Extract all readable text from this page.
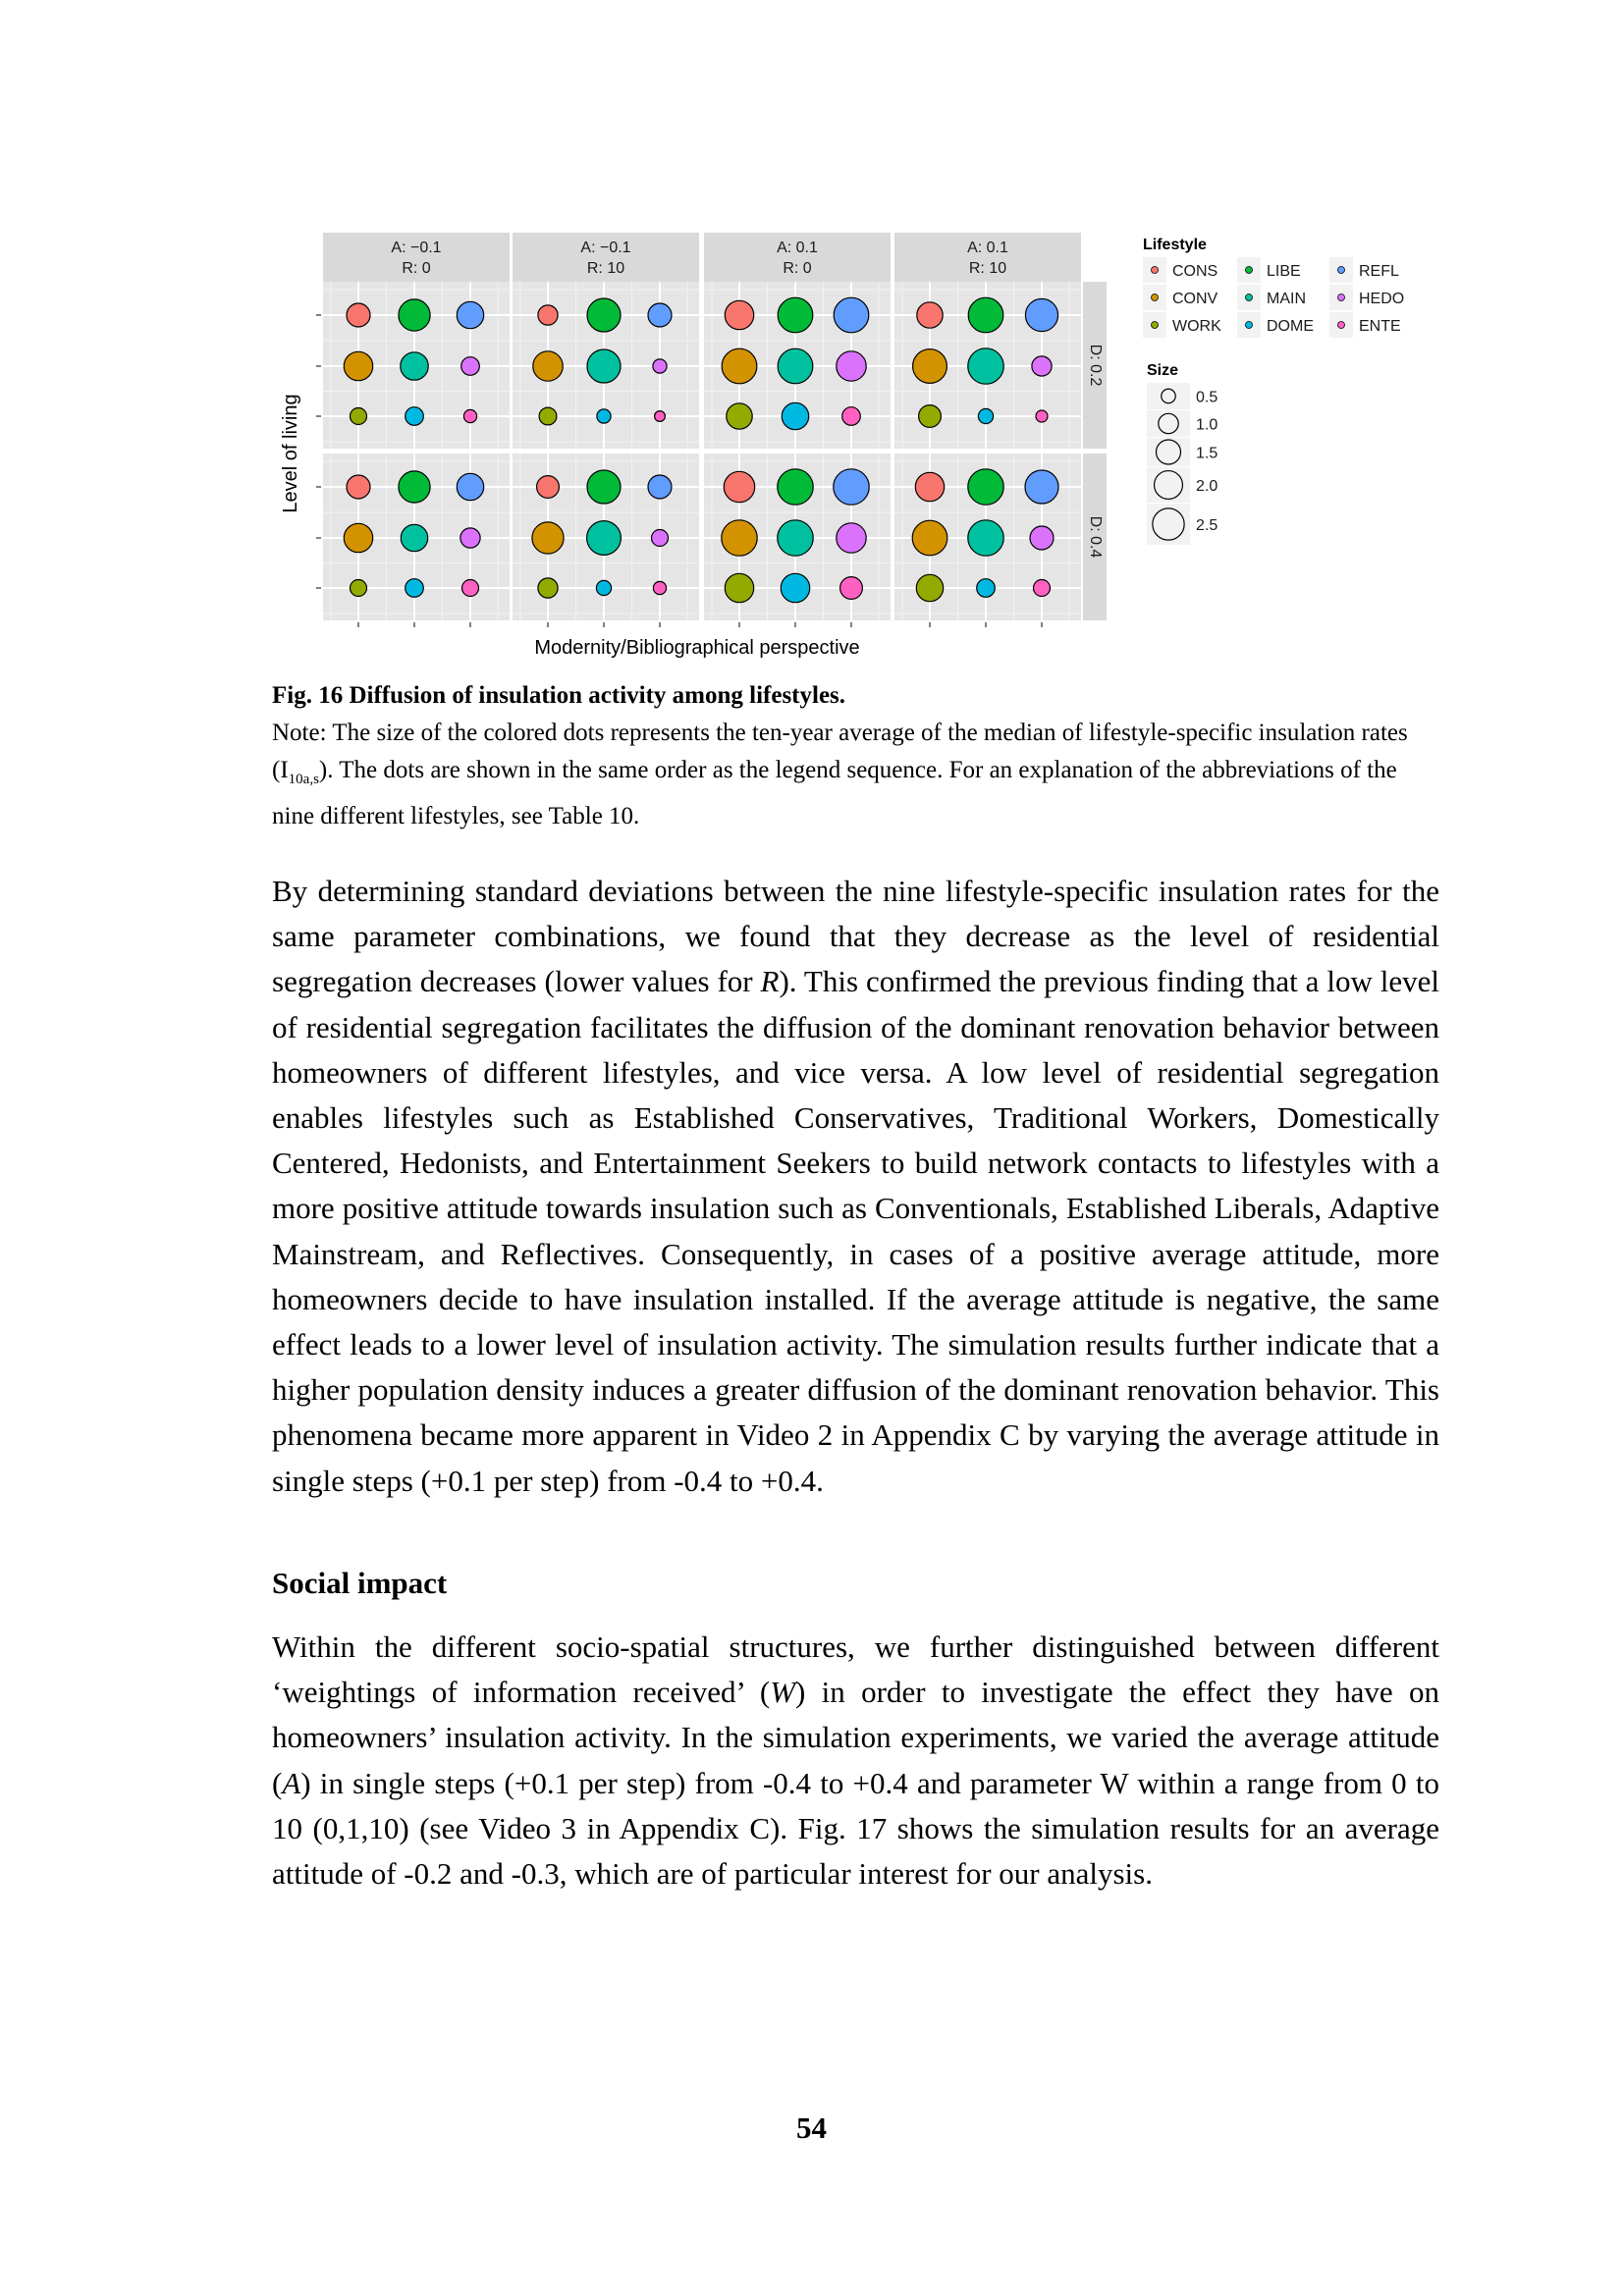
A: −0.1
R: 0
A: −0.1
R: 10
A: 0.1
R: 0
A: 0.1
R: 10
D: 0.2
D: 0.4
Modernity/Bibliographical perspective
Level of living
Lifestyle
CONS	LIBE	REFL
CONV	MAIN	HEDO
WORK	DOME	ENTE
Size
0.5
1.0
1.5
2.0
2.5
Fig. 16 Diffusion of insulation activity among lifestyles.
Note: The size of the colored dots represents the ten-year average of the median of lifestyle-specific insulation rates $(I_{10a,s})$. The dots are shown in the same order as the legend sequence. For an explanation of the abbreviations of the nine different lifestyles, see Table 10.

By determining standard deviations between the nine lifestyle-specific insulation rates for the same parameter combinations, we found that they decrease as the level of residential segregation decreases (lower values for R). This confirmed the previous finding that a low level of residential segregation facilitates the diffusion of the dominant renovation behavior between homeowners of different lifestyles, and vice versa. A low level of residential segregation enables lifestyles such as Established Conservatives, Traditional Workers, Domestically Centered, Hedonists, and Entertainment Seekers to build network contacts to lifestyles with a more positive attitude towards insulation such as Conventionals, Established Liberals, Adaptive Mainstream, and Reflectives. Consequently, in cases of a positive average attitude, more homeowners decide to have insulation installed. If the average attitude is negative, the same effect leads to a lower level of insulation activity. The simulation results further indicate that a higher population density induces a greater diffusion of the dominant renovation behavior. This phenomena became more apparent in Video 2 in Appendix C by varying the average attitude in single steps (+0.1 per step) from -0.4 to +0.4.

Social impact

Within the different socio-spatial structures, we further distinguished between different ‘weightings of information received’ (W) in order to investigate the effect they have on homeowners’ insulation activity. In the simulation experiments, we varied the average attitude (A) in single steps (+0.1 per step) from -0.4 to +0.4 and parameter W within a range from 0 to 10 (0,1,10) (see Video 3 in Appendix C). Fig. 17 shows the simulation results for an average attitude of -0.2 and -0.3, which are of particular interest for our analysis.

54
